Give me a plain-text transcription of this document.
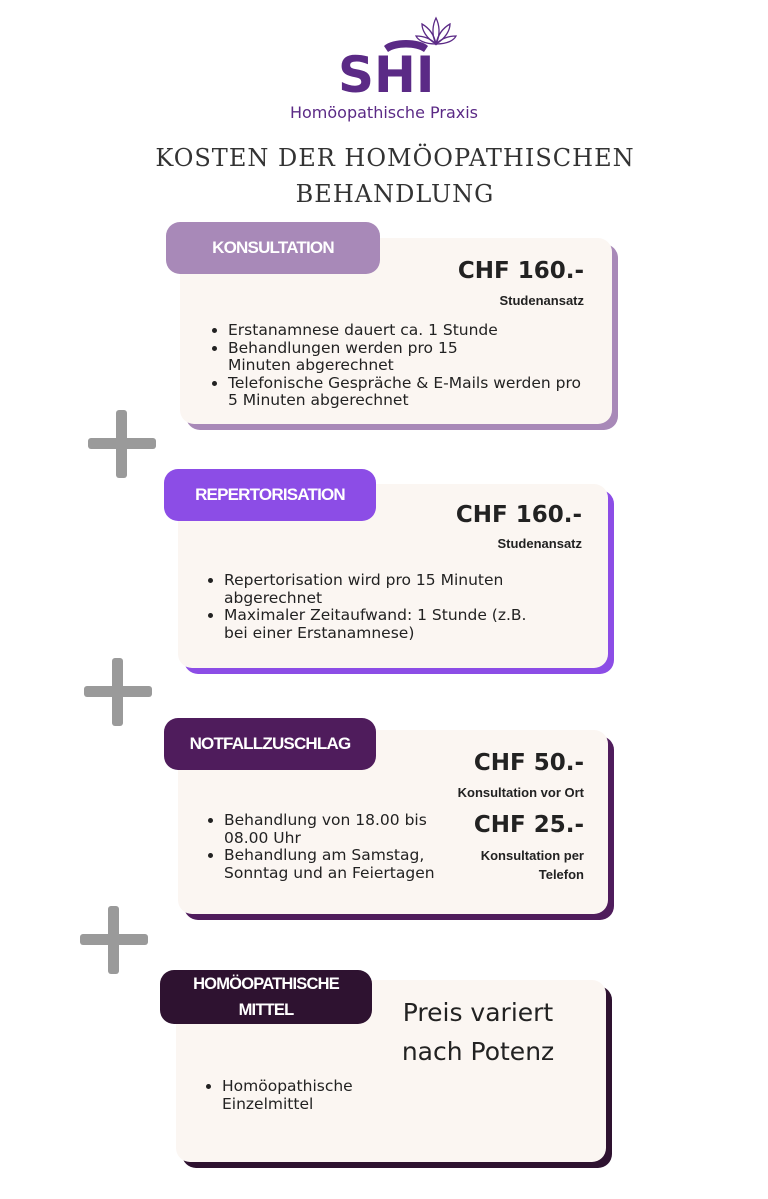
SHI
Homöopathische Praxis
KOSTEN DER HOMÖOPATHISCHEN
BEHANDLUNG
KONSULTATION
CHF 160.-
Studenansatz
• Erstanamnese dauert ca. 1 Stunde
• Behandlungen werden pro 15 Minuten abgerechnet
• Telefonische Gespräche & E-Mails werden pro 5 Minuten abgerechnet
REPERTORISATION
CHF 160.-
Studenansatz
• Repertorisation wird pro 15 Minuten abgerechnet
• Maximaler Zeitaufwand: 1 Stunde (z.B. bei einer Erstanamnese)
NOTFALLZUSCHLAG
CHF 50.-
Konsultation vor Ort
CHF 25.-
Konsultation per Telefon
• Behandlung von 18.00 bis 08.00 Uhr
• Behandlung am Samstag, Sonntag und an Feiertagen
HOMÖOPATHISCHE MITTEL	Preis variert nach Potenz
• Homöopathische Einzelmittel
